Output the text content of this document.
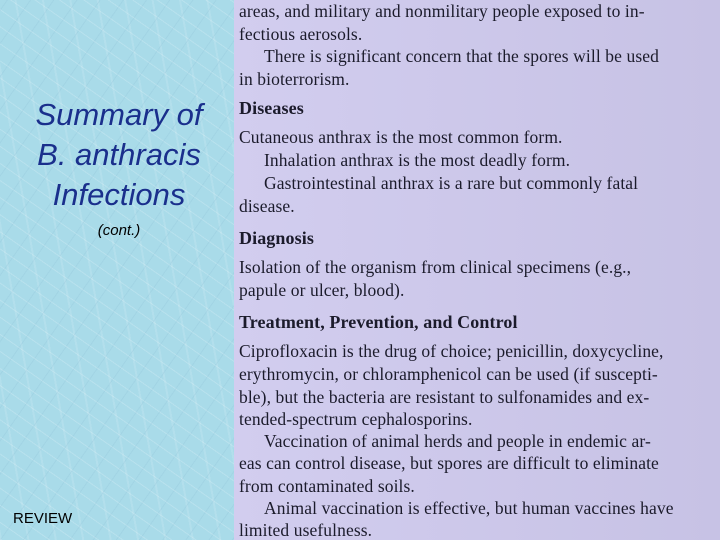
Summary of
B. anthracis
Infections
(cont.)
REVIEW
areas, and military and nonmilitary people exposed to in-
fectious aerosols.
There is significant concern that the spores will be used
in bioterrorism.
Diseases
Cutaneous anthrax is the most common form.
Inhalation anthrax is the most deadly form.
Gastrointestinal anthrax is a rare but commonly fatal
disease.
Diagnosis
Isolation of the organism from clinical specimens (e.g.,
papule or ulcer, blood).
Treatment, Prevention, and Control
Ciprofloxacin is the drug of choice; penicillin, doxycycline,
erythromycin, or chloramphenicol can be used (if suscepti-
ble), but the bacteria are resistant to sulfonamides and ex-
tended-spectrum cephalosporins.
Vaccination of animal herds and people in endemic ar-
eas can control disease, but spores are difficult to eliminate
from contaminated soils.
Animal vaccination is effective, but human vaccines have
limited usefulness.
